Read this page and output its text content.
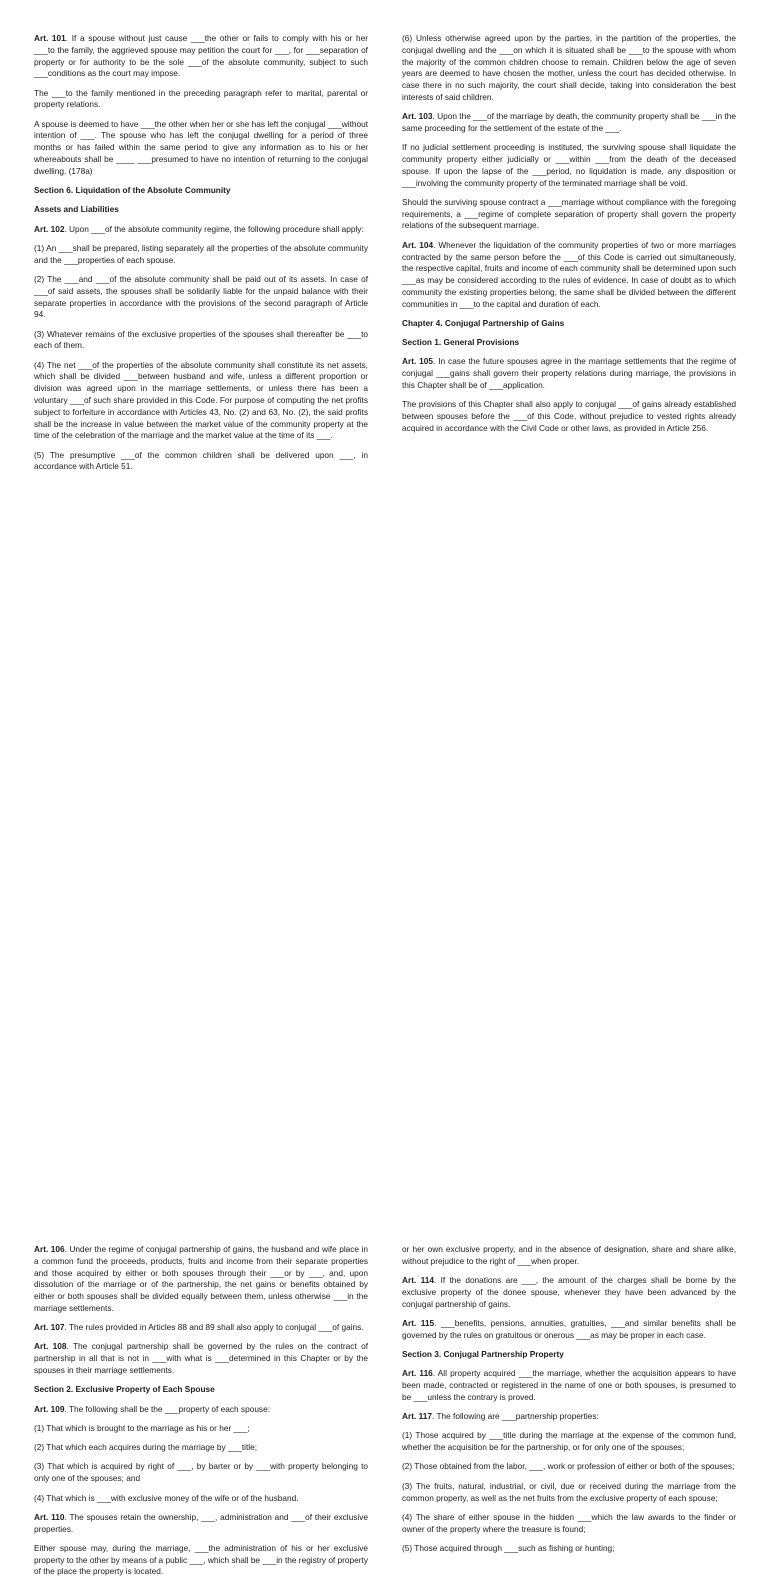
Art. 101. If a spouse without just cause ___the other or fails to comply with his or her ___to the family, the aggrieved spouse may petition the court for ___, for ___separation of property or for authority to be the sole ___of the absolute community, subject to such ___conditions as the court may impose.

The ___to the family mentioned in the preceding paragraph refer to marital, parental or property relations.

A spouse is deemed to have ___the other when her or she has left the conjugal ___without intention of ___. The spouse who has left the conjugal dwelling for a period of three months or has failed within the same period to give any information as to his or her whereabouts shall be ____ ___presumed to have no intention of returning to the conjugal dwelling. (178a)

Section 6. Liquidation of the Absolute Community

Assets and Liabilities

Art. 102. Upon ___of the absolute community regime, the following procedure shall apply:

(1) An ___shall be prepared, listing separately all the properties of the absolute community and the ___properties of each spouse.

(2) The ___and ___of the absolute community shall be paid out of its assets. In case of ___of said assets, the spouses shall be solidarily liable for the unpaid balance with their separate properties in accordance with the provisions of the second paragraph of Article 94.

(3) Whatever remains of the exclusive properties of the spouses shall thereafter be ___to each of them.

(4) The net ___of the properties of the absolute community shall constitute its net assets, which shall be divided ___between husband and wife, unless a different proportion or division was agreed upon in the marriage settlements, or unless there has been a voluntary ___of such share provided in this Code. For purpose of computing the net profits subject to forfeiture in accordance with Articles 43, No. (2) and 63, No. (2), the said profits shall be the increase in value between the market value of the community property at the time of the celebration of the marriage and the market value at the time of its ___.

(5) The presumptive ___of the common children shall be delivered upon ___, in accordance with Article 51.

(6) Unless otherwise agreed upon by the parties, in the partition of the properties, the conjugal dwelling and the ___on which it is situated shall be ___to the spouse with whom the majority of the common children choose to remain. Children below the age of seven years are deemed to have chosen the mother, unless the court has decided otherwise. In case there in no such majority, the court shall decide, taking into consideration the best interests of said children.

Art. 103. Upon the ___of the marriage by death, the community property shall be ___in the same proceeding for the settlement of the estate of the ___.

If no judicial settlement proceeding is instituted, the surviving spouse shall liquidate the community property either judicially or ___within ___from the death of the deceased spouse. If upon the lapse of the ___period, no liquidation is made, any disposition or ___involving the community property of the terminated marriage shall be void.

Should the surviving spouse contract a ___marriage without compliance with the foregoing requirements, a ___regime of complete separation of property shall govern the property relations of the subsequent marriage.

Art. 104. Whenever the liquidation of the community properties of two or more marriages contracted by the same person before the ___of this Code is carried out simultaneously, the respective capital, fruits and income of each community shall be determined upon such ___as may be considered according to the rules of evidence. In case of doubt as to which community the existing properties belong, the same shall be divided between the different communities in ___to the capital and duration of each.

Chapter 4. Conjugal Partnership of Gains

Section 1. General Provisions

Art. 105. In case the future spouses agree in the marriage settlements that the regime of conjugal ___gains shall govern their property relations during marriage, the provisions in this Chapter shall be of ___application.

The provisions of this Chapter shall also apply to conjugal ___of gains already established between spouses before the ___of this Code, without prejudice to vested rights already acquired in accordance with the Civil Code or other laws, as provided in Article 256.

Art. 106. Under the regime of conjugal partnership of gains, the husband and wife place in a common fund the proceeds, products, fruits and income from their separate properties and those acquired by either or both spouses through their ___or by ___, and, upon dissolution of the marriage or of the partnership, the net gains or benefits obtained by either or both spouses shall be divided equally between them, unless otherwise ___in the marriage settlements.

Art. 107. The rules provided in Articles 88 and 89 shall also apply to conjugal ___of gains.

Art. 108. The conjugal partnership shall be governed by the rules on the contract of partnership in all that is not in ___with what is ___determined in this Chapter or by the spouses in their marriage settlements.

Section 2. Exclusive Property of Each Spouse

Art. 109. The following shall be the ___property of each spouse:

(1) That which is brought to the marriage as his or her ___;

(2) That which each acquires during the marriage by ___title;

(3) That which is acquired by right of ___, by barter or by ___with property belonging to only one of the spouses; and

(4) That which is ___with exclusive money of the wife or of the husband.

Art. 110. The spouses retain the ownership, ___, administration and ___of their exclusive properties.

Either spouse may, during the marriage, ___the administration of his or her exclusive property to the other by means of a public ___, which shall be ___in the registry of property of the place the property is located.

or her own exclusive property, and in the absence of designation, share and share alike, without prejudice to the right of ___when proper.

Art. 114. If the donations are ___, the amount of the charges shall be borne by the exclusive property of the donee spouse, whenever they have been advanced by the conjugal partnership of gains.

Art. 115. ___benefits, pensions, annuities, gratuities, ___and similar benefits shall be governed by the rules on gratuitous or onerous ___as may be proper in each case.

Section 3. Conjugal Partnership Property

Art. 116. All property acquired ___the marriage, whether the acquisition appears to have been made, contracted or registered in the name of one or both spouses, is presumed to be ___unless the contrary is proved.

Art. 117. The following are ___partnership properties:

(1) Those acquired by ___title during the marriage at the expense of the common fund, whether the acquisition be for the partnership, or for only one of the spouses;

(2) Those obtained from the labor, ___, work or profession of either or both of the spouses;

(3) The fruits, natural, industrial, or civil, due or received during the marriage from the common property, as well as the net fruits from the exclusive property of each spouse;

(4) The share of either spouse in the hidden ___which the law awards to the finder or owner of the property where the treasure is found;

(5) Those acquired through ___such as fishing or hunting;
